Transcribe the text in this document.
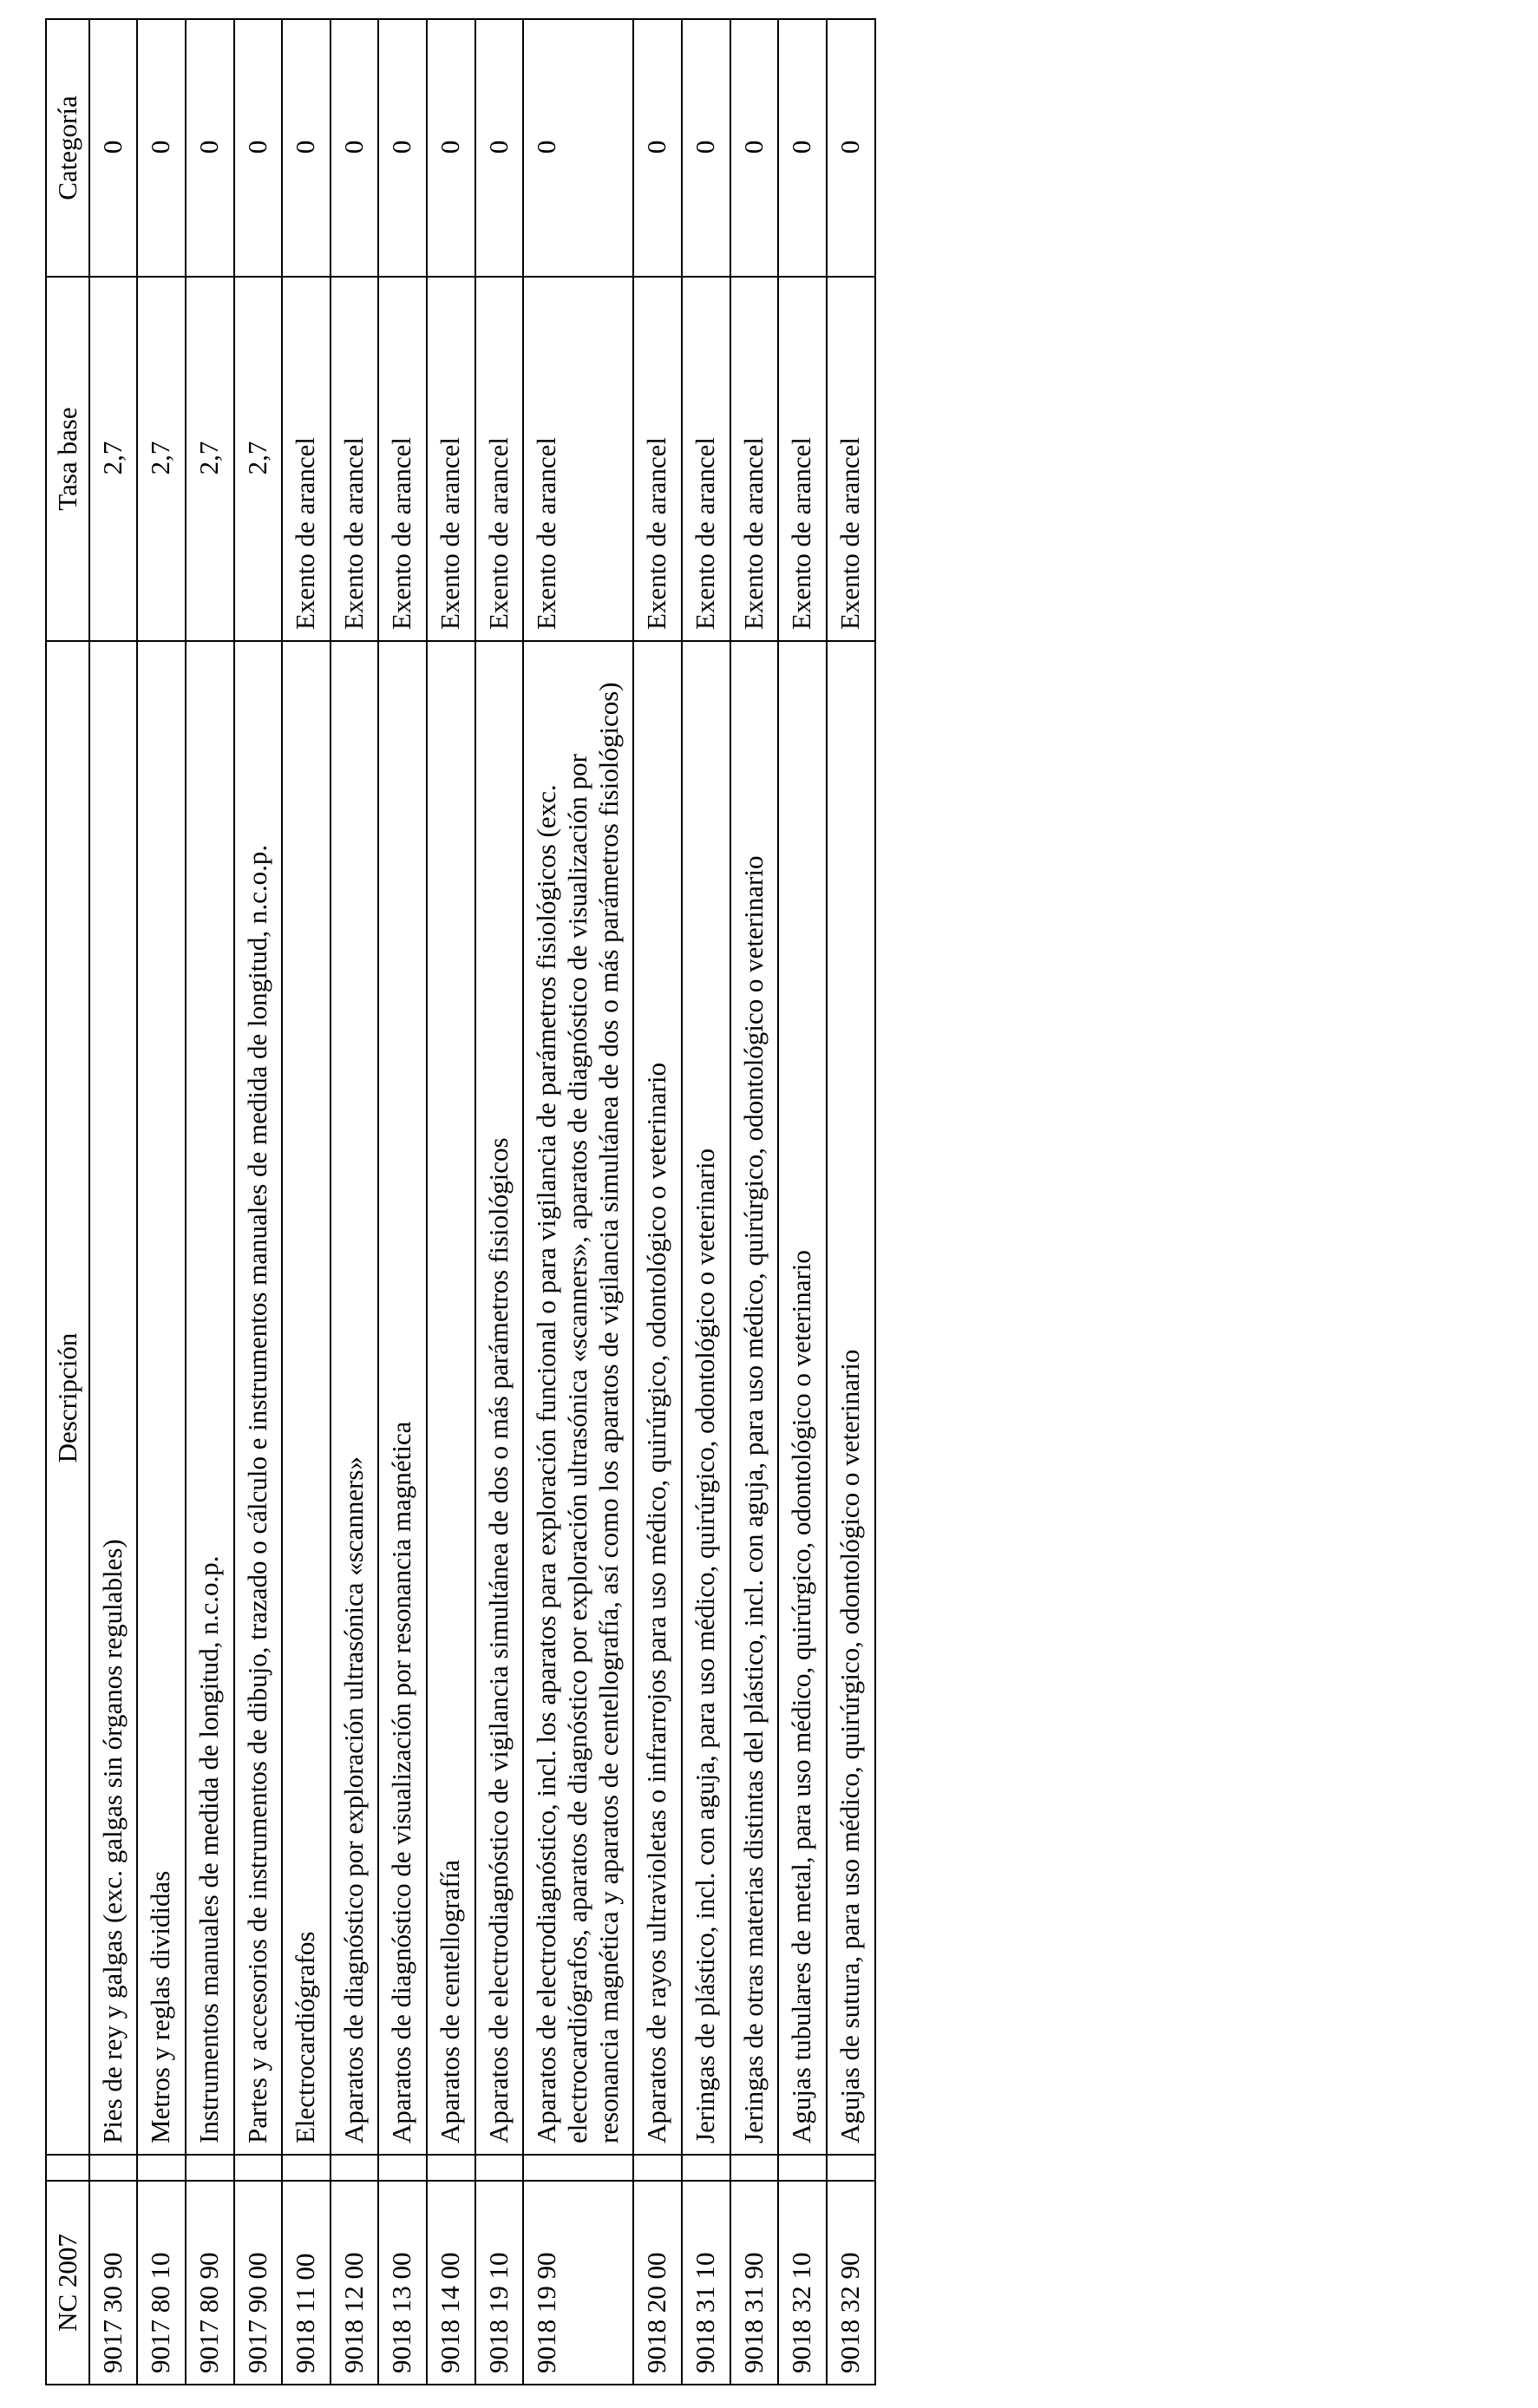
NC 2007		Descripción	Tasa base	Categoría
9017 30 90		Pies de rey y galgas (exc. galgas sin órganos regulables)	2,7	0
9017 80 10		Metros y reglas divididas	2,7	0
9017 80 90		Instrumentos manuales de medida de longitud, n.c.o.p.	2,7	0
9017 90 00		Partes y accesorios de instrumentos de dibujo, trazado o cálculo e instrumentos manuales de medida de longitud, n.c.o.p.	2,7	0
9018 11 00		Electrocardiógrafos	Exento de arancel	0
9018 12 00		Aparatos de diagnóstico por exploración ultrasónica «scanners»	Exento de arancel	0
9018 13 00		Aparatos de diagnóstico de visualización por resonancia magnética	Exento de arancel	0
9018 14 00		Aparatos de centellografía	Exento de arancel	0
9018 19 10		Aparatos de electrodiagnóstico de vigilancia simultánea de dos o más parámetros fisiológicos	Exento de arancel	0
9018 19 90		Aparatos de electrodiagnóstico, incl. los aparatos para exploración funcional o para vigilancia de parámetros fisiológicos (exc. electrocardiógrafos, aparatos de diagnóstico por exploración ultrasónica «scanners», aparatos de diagnóstico de visualización por resonancia magnética y aparatos de centellografía, así como los aparatos de vigilancia simultánea de dos o más parámetros fisiológicos)	Exento de arancel	0
9018 20 00		Aparatos de rayos ultravioletas o infrarrojos para uso médico, quirúrgico, odontológico o veterinario	Exento de arancel	0
9018 31 10		Jeringas de plástico, incl. con aguja, para uso médico, quirúrgico, odontológico o veterinario	Exento de arancel	0
9018 31 90		Jeringas de otras materias distintas del plástico, incl. con aguja, para uso médico, quirúrgico, odontológico o veterinario	Exento de arancel	0
9018 32 10		Agujas tubulares de metal, para uso médico, quirúrgico, odontológico o veterinario	Exento de arancel	0
9018 32 90		Agujas de sutura, para uso médico, quirúrgico, odontológico o veterinario	Exento de arancel	0
